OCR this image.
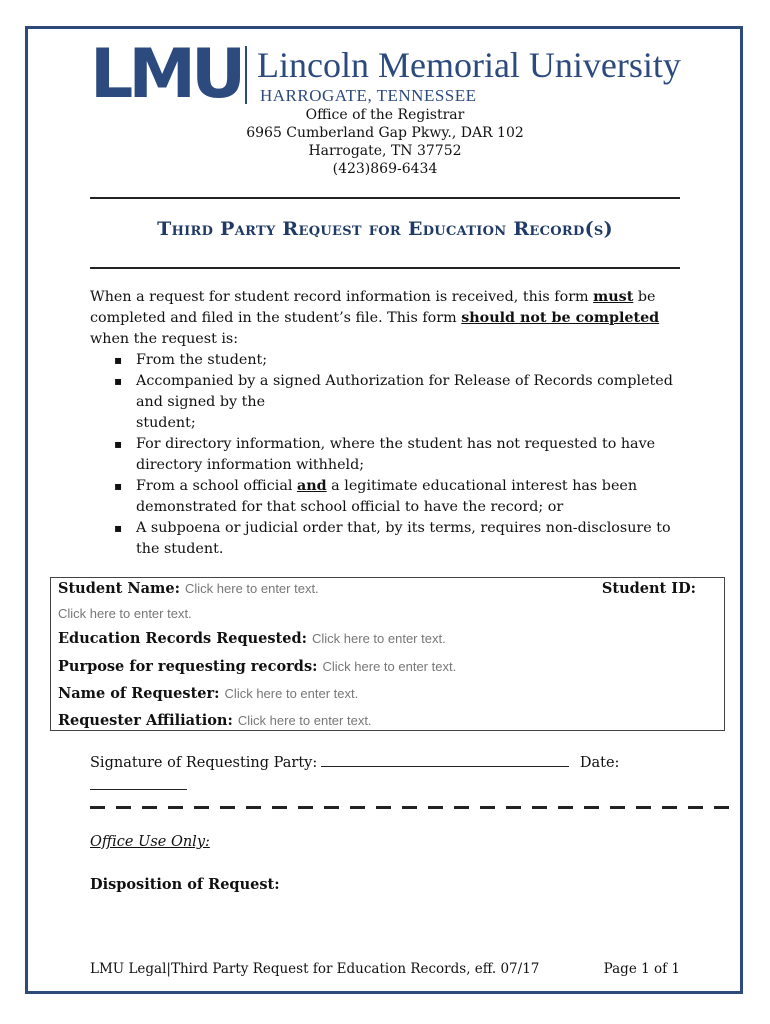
LMU Lincoln Memorial University
HARROGATE, TENNESSEE
Office of the Registrar
6965 Cumberland Gap Pkwy., DAR 102
Harrogate, TN 37752
(423)869-6434
Third Party Request for Education Record(s)
When a request for student record information is received, this form must be completed and filed in the student’s file. This form should not be completed when the request is:
▪ From the student;
▪ Accompanied by a signed Authorization for Release of Records completed and signed by the
student;
▪ For directory information, where the student has not requested to have directory information withheld;
▪ From a school official and a legitimate educational interest has been demonstrated for that school official to have the record; or
▪ A subpoena or judicial order that, by its terms, requires non-disclosure to the student.
Student Name: Click here to enter text.	Student ID:
Click here to enter text.
Education Records Requested: Click here to enter text.
Purpose for requesting records: Click here to enter text.
Name of Requester: Click here to enter text.
Requester Affiliation: Click here to enter text.
Signature of Requesting Party:	Date:
Office Use Only:
Disposition of Request:
LMU Legal|Third Party Request for Education Records, eff. 07/17	Page 1 of 1
